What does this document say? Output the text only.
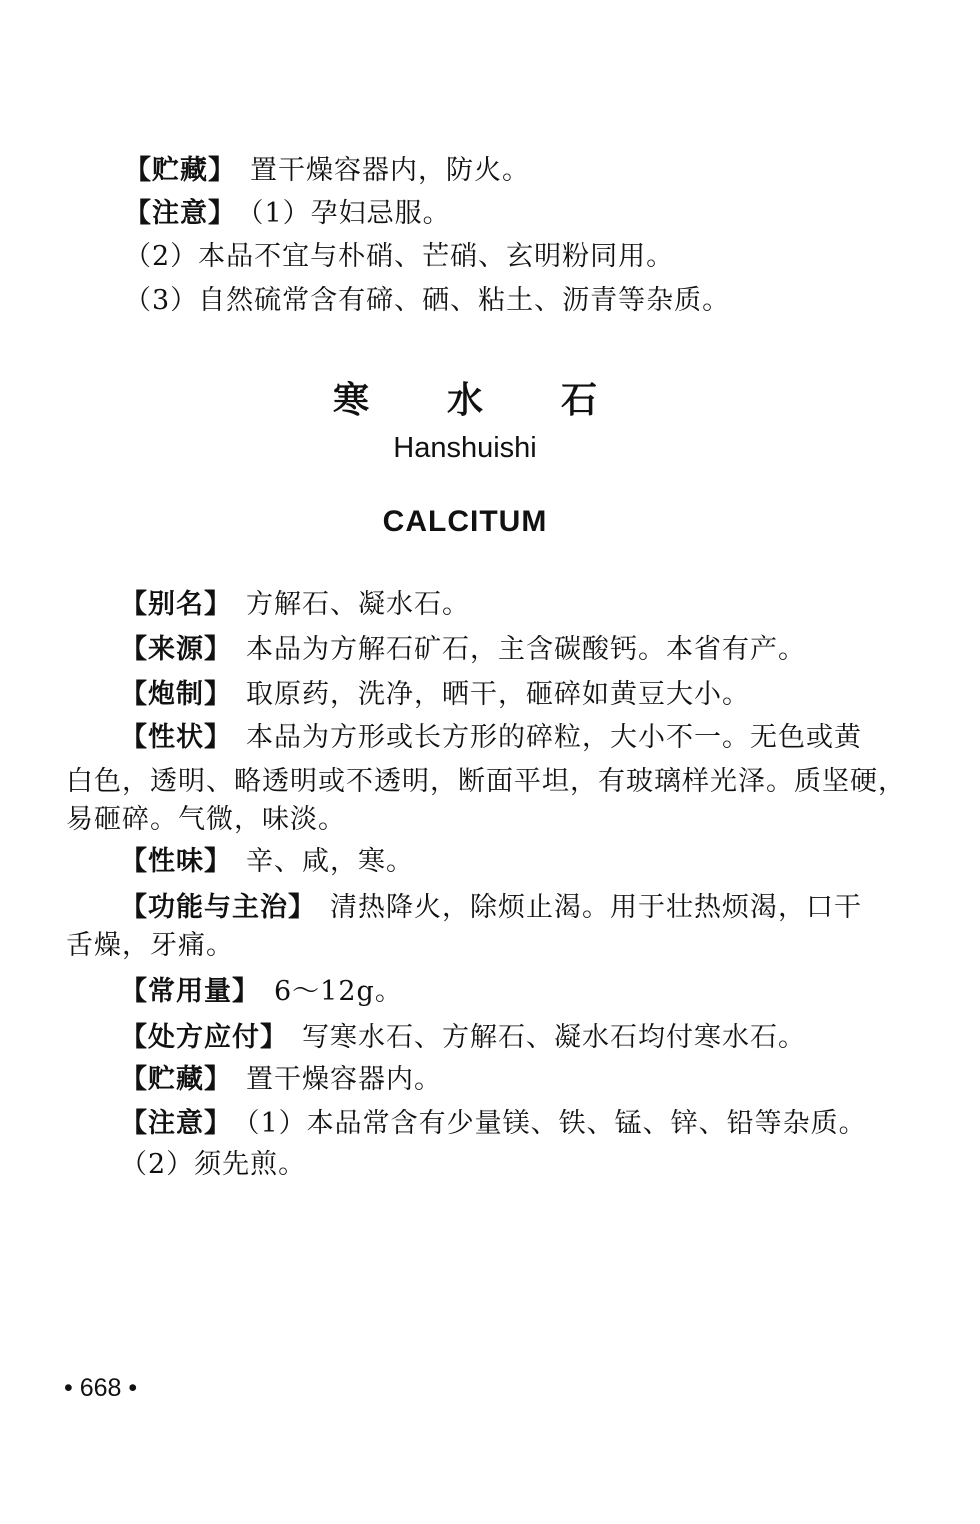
【贮藏】 置干燥容器内，防火。
【注意】 （1）孕妇忌服。
（2）本品不宜与朴硝、芒硝、玄明粉同用。
（3）自然硫常含有碲、硒、粘土、沥青等杂质。
寒水石
Hanshuishi
CALCITUM
【别名】 方解石、凝水石。
【来源】 本品为方解石矿石，主含碳酸钙。本省有产。
【炮制】 取原药，洗净，晒干，砸碎如黄豆大小。
【性状】 本品为方形或长方形的碎粒，大小不一。无色或黄
白色，透明、略透明或不透明，断面平坦，有玻璃样光泽。质坚硬，
易砸碎。气微，味淡。
【性味】 辛、咸，寒。
【功能与主治】 清热降火，除烦止渴。用于壮热烦渴，口干
舌燥，牙痛。
【常用量】 6～12g。
【处方应付】 写寒水石、方解石、凝水石均付寒水石。
【贮藏】 置干燥容器内。
【注意】 （1）本品常含有少量镁、铁、锰、锌、铅等杂质。
（2）须先煎。
• 668 •
